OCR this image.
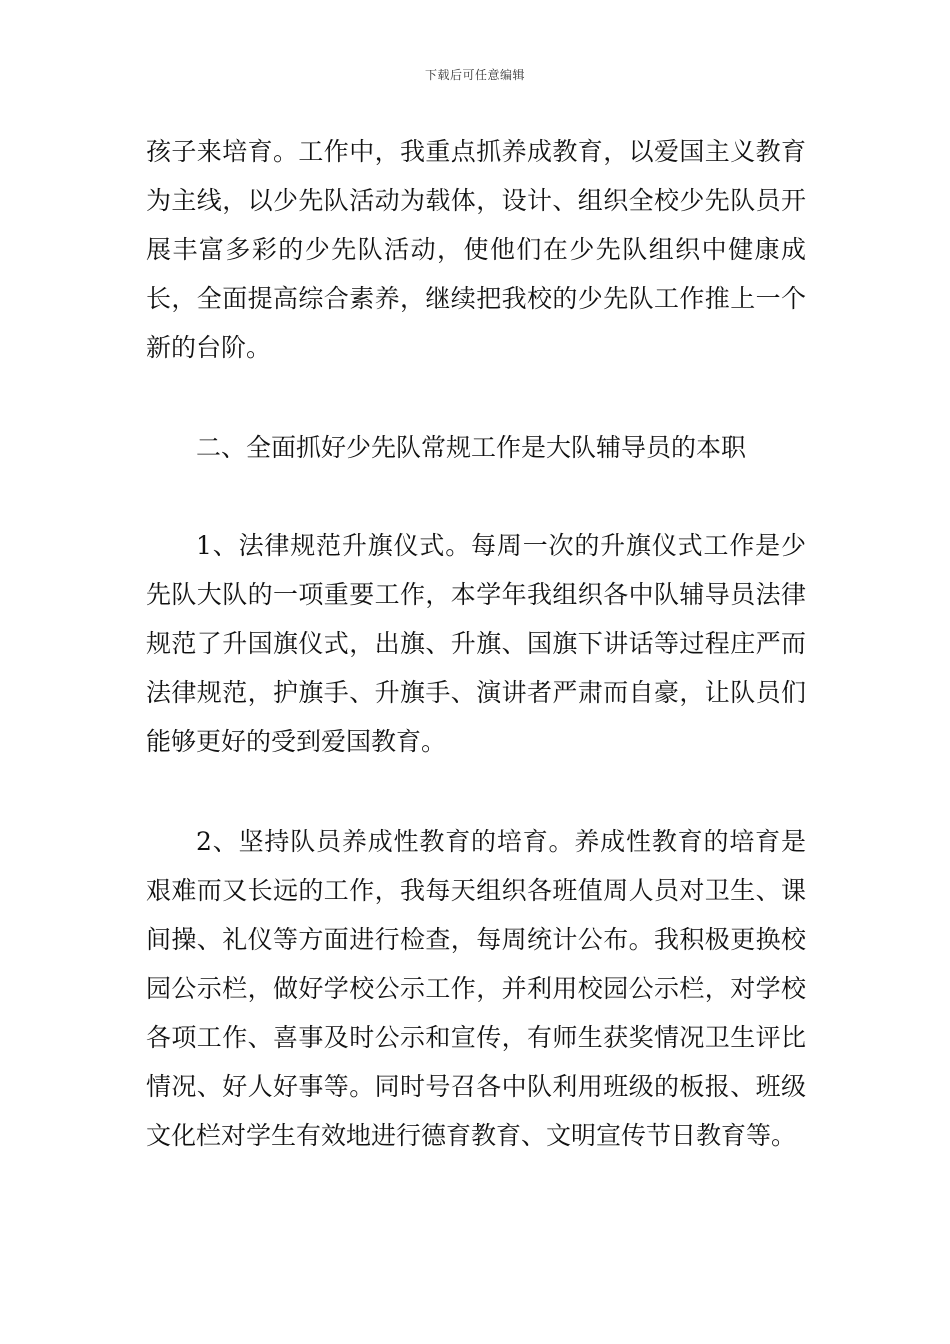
下载后可任意编辑

孩子来培育。工作中，我重点抓养成教育，以爱国主义教育为主线，以少先队活动为载体，设计、组织全校少先队员开展丰富多彩的少先队活动，使他们在少先队组织中健康成长，全面提高综合素养，继续把我校的少先队工作推上一个新的台阶。

二、全面抓好少先队常规工作是大队辅导员的本职

1、法律规范升旗仪式。每周一次的升旗仪式工作是少先队大队的一项重要工作，本学年我组织各中队辅导员法律规范了升国旗仪式，出旗、升旗、国旗下讲话等过程庄严而法律规范，护旗手、升旗手、演讲者严肃而自豪，让队员们能够更好的受到爱国教育。

2、坚持队员养成性教育的培育。养成性教育的培育是艰难而又长远的工作，我每天组织各班值周人员对卫生、课间操、礼仪等方面进行检查，每周统计公布。我积极更换校园公示栏，做好学校公示工作，并利用校园公示栏，对学校各项工作、喜事及时公示和宣传，有师生获奖情况卫生评比情况、好人好事等。同时号召各中队利用班级的板报、班级文化栏对学生有效地进行德育教育、文明宣传节日教育等。
